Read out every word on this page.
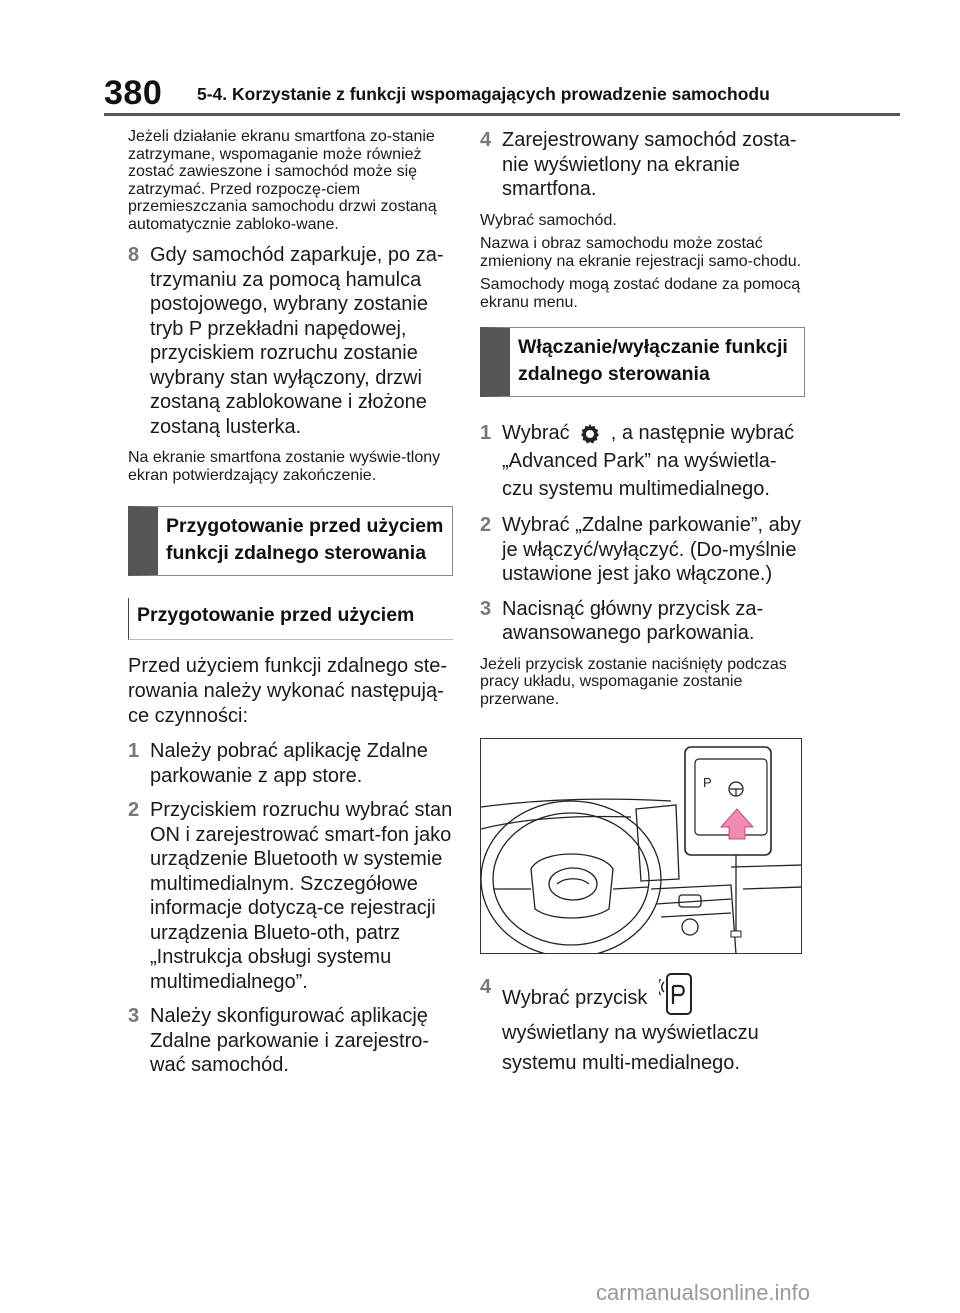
380 5-4. Korzystanie z funkcji wspomagających prowadzenie samochodu

Jeżeli działanie ekranu smartfona zo-stanie zatrzymane, wspomaganie może również zostać zawieszone i samochód może się zatrzymać. Przed rozpoczę-ciem przemieszczania samochodu drzwi zostaną automatycznie zabloko-wane.

8 Gdy samochód zaparkuje, po za-trzymaniu za pomocą hamulca postojowego, wybrany zostanie tryb P przekładni napędowej, przyciskiem rozruchu zostanie wybrany stan wyłączony, drzwi zostaną zablokowane i złożone zostaną lusterka.

Na ekranie smartfona zostanie wyświe-tlony ekran potwierdzający zakończenie.

Przygotowanie przed użyciem funkcji zdalnego sterowania
Przygotowanie przed użyciem

Przed użyciem funkcji zdalnego ste-rowania należy wykonać następują-ce czynności:

1 Należy pobrać aplikację Zdalne parkowanie z app store.
2 Przyciskiem rozruchu wybrać stan ON i zarejestrować smart-fon jako urządzenie Bluetooth w systemie multimedialnym. Szczegółowe informacje dotyczą-ce rejestracji urządzenia Blueto-oth, patrz „Instrukcja obsługi systemu multimedialnego”.
3 Należy skonfigurować aplikację Zdalne parkowanie i zarejestro-wać samochód.
4 Zarejestrowany samochód zosta-nie wyświetlony na ekranie smartfona.

Wybrać samochód.

Nazwa i obraz samochodu może zostać zmieniony na ekranie rejestracji samo-chodu.

Samochody mogą zostać dodane za pomocą ekranu menu.

Włączanie/wyłączanie funkcji zdalnego sterowania
1 Wybrać , a następnie wybrać „Advanced Park” na wyświetla-czu systemu multimedialnego.
2 Wybrać „Zdalne parkowanie”, aby je włączyć/wyłączyć. (Do-myślnie ustawione jest jako włączone.)
3 Nacisnąć główny przycisk za-awansowanego parkowania.

Jeżeli przycisk zostanie naciśnięty podczas pracy układu, wspomaganie zostanie przerwane.

P
4 Wybrać przycisk  wyświetlany na wyświetlaczu systemu multi-medialnego.
carmanualsonline.info
